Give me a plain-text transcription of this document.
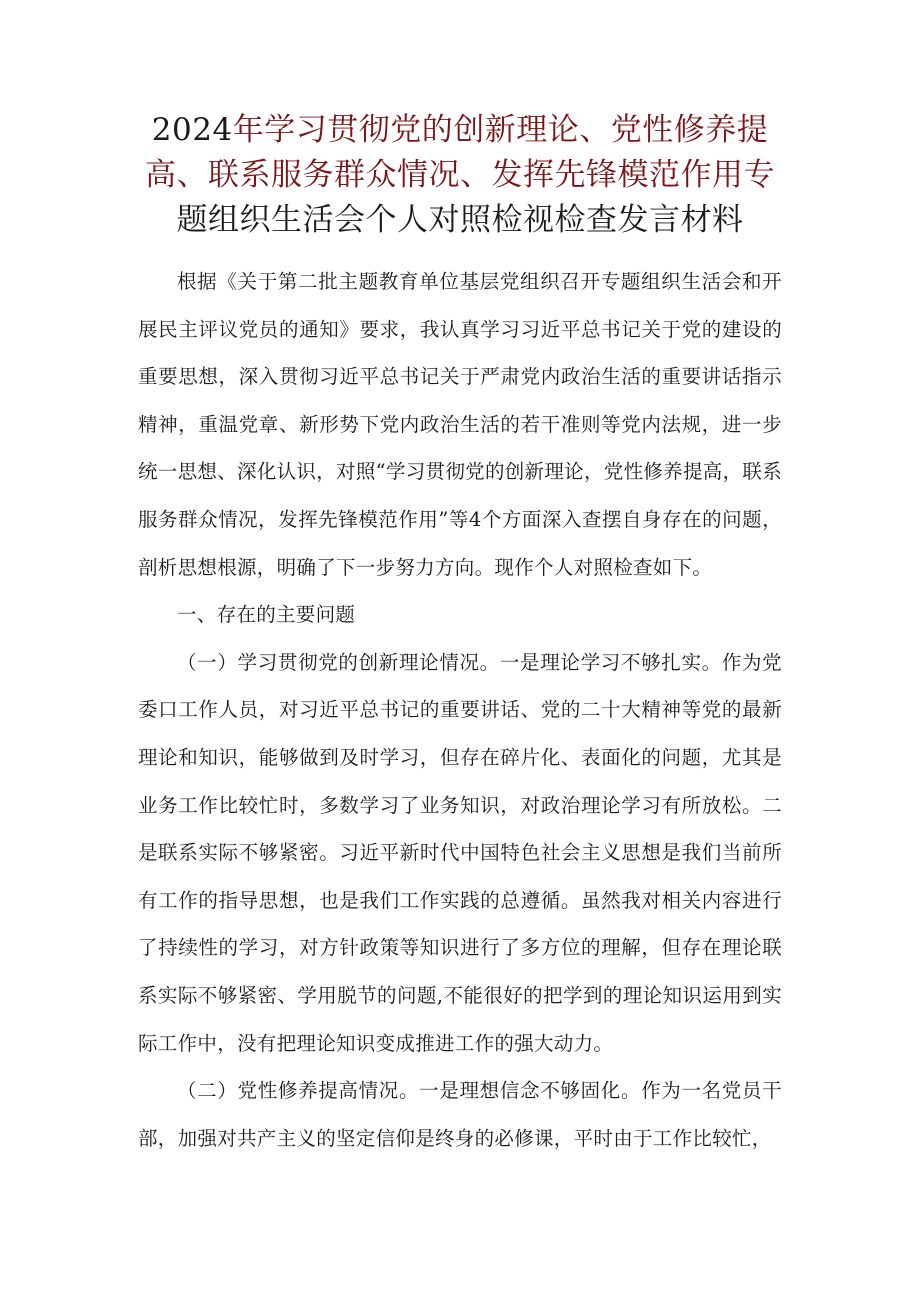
2024年学习贯彻党的创新理论、党性修养提高、联系服务群众情况、发挥先锋模范作用专题组织生活会个人对照检视检查发言材料

根据《关于第二批主题教育单位基层党组织召开专题组织生活会和开展民主评议党员的通知》要求，我认真学习习近平总书记关于党的建设的重要思想，深入贯彻习近平总书记关于严肃党内政治生活的重要讲话指示精神，重温党章、新形势下党内政治生活的若干准则等党内法规，进一步统一思想、深化认识，对照“学习贯彻党的创新理论，党性修养提高，联系服务群众情况，发挥先锋模范作用”等4个方面深入查摆自身存在的问题，剖析思想根源，明确了下一步努力方向。现作个人对照检查如下。

一、存在的主要问题

（一）学习贯彻党的创新理论情况。一是理论学习不够扎实。作为党委口工作人员，对习近平总书记的重要讲话、党的二十大精神等党的最新理论和知识，能够做到及时学习，但存在碎片化、表面化的问题，尤其是业务工作比较忙时，多数学习了业务知识，对政治理论学习有所放松。二是联系实际不够紧密。习近平新时代中国特色社会主义思想是我们当前所有工作的指导思想，也是我们工作实践的总遵循。虽然我对相关内容进行了持续性的学习，对方针政策等知识进行了多方位的理解，但存在理论联系实际不够紧密、学用脱节的问题,不能很好的把学到的理论知识运用到实际工作中，没有把理论知识变成推进工作的强大动力。

（二）党性修养提高情况。一是理想信念不够固化。作为一名党员干部，加强对共产主义的坚定信仰是终身的必修课，平时由于工作比较忙，
